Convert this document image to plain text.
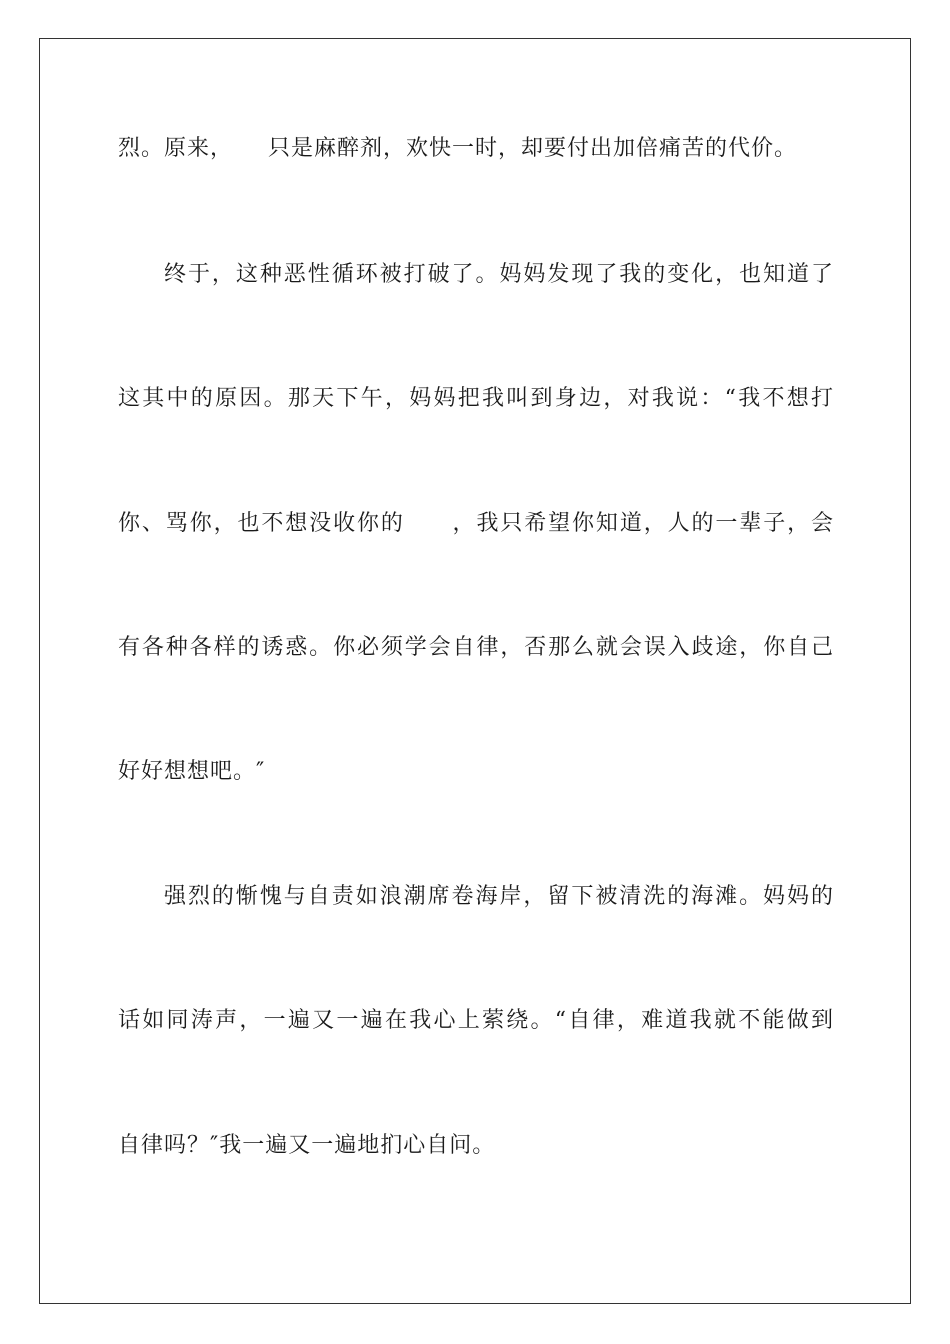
烈。原来，　　只是麻醉剂，欢快一时，却要付出加倍痛苦的代价。
终于，这种恶性循环被打破了。妈妈发现了我的变化，也知道了
这其中的原因。那天下午，妈妈把我叫到身边，对我说：“我不想打
你、骂你，也不想没收你的　　，我只希望你知道，人的一辈子，会
有各种各样的诱惑。你必须学会自律，否那么就会误入歧途，你自己
好好想想吧。″
强烈的惭愧与自责如浪潮席卷海岸，留下被清洗的海滩。妈妈的
话如同涛声，一遍又一遍在我心上萦绕。“自律，难道我就不能做到
自律吗？″我一遍又一遍地扪心自问。
